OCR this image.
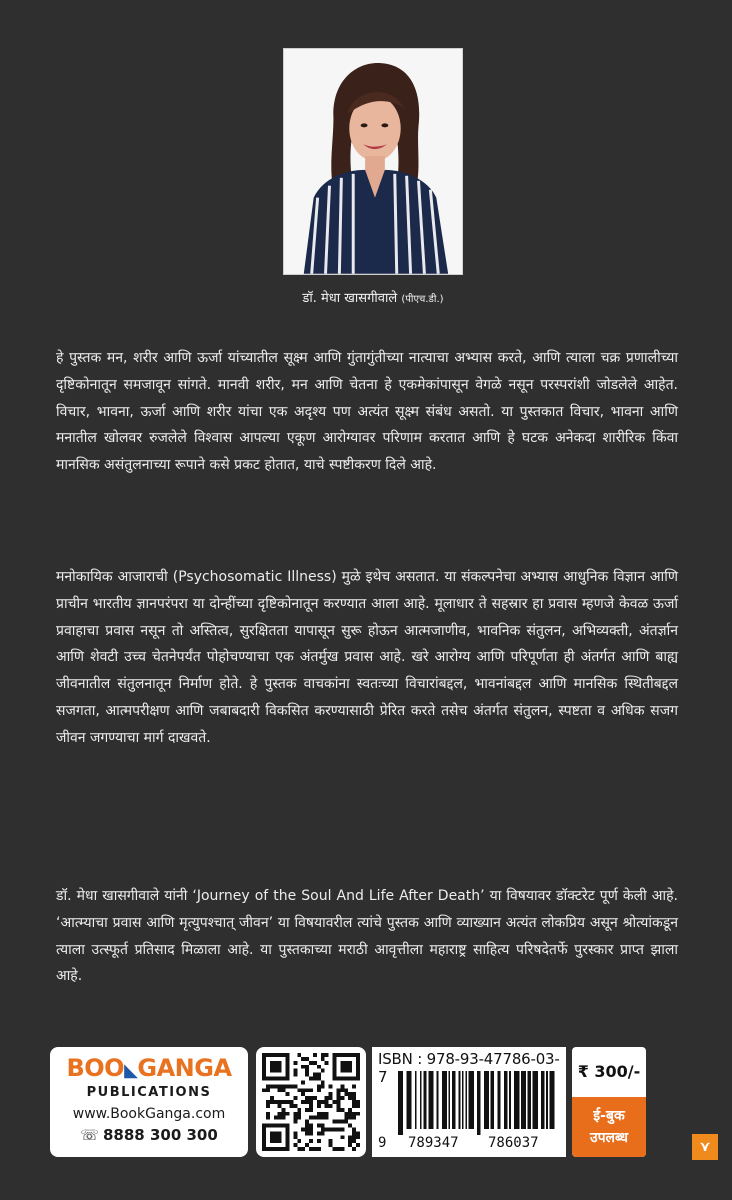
डॉ. मेधा खासगीवाले (पीएच.डी.)

हे पुस्तक मन, शरीर आणि ऊर्जा यांच्यातील सूक्ष्म आणि गुंतागुंतीच्या नात्याचा अभ्यास करते, आणि त्याला चक्र प्रणालीच्या दृष्टिकोनातून समजावून सांगते. मानवी शरीर, मन आणि चेतना हे एकमेकांपासून वेगळे नसून परस्परांशी जोडलेले आहेत. विचार, भावना, ऊर्जा आणि शरीर यांचा एक अदृश्य पण अत्यंत सूक्ष्म संबंध असतो. या पुस्तकात विचार, भावना आणि मनातील खोलवर रुजलेले विश्वास आपल्या एकूण आरोग्यावर परिणाम करतात आणि हे घटक अनेकदा शारीरिक किंवा मानसिक असंतुलनाच्या रूपाने कसे प्रकट होतात, याचे स्पष्टीकरण दिले आहे.

मनोकायिक आजाराची (Psychosomatic Illness) मुळे इथेच असतात. या संकल्पनेचा अभ्यास आधुनिक विज्ञान आणि प्राचीन भारतीय ज्ञानपरंपरा या दोन्हींच्या दृष्टिकोनातून करण्यात आला आहे. मूलाधार ते सहस्रार हा प्रवास म्हणजे केवळ ऊर्जा प्रवाहाचा प्रवास नसून तो अस्तित्व, सुरक्षितता यापासून सुरू होऊन आत्मजाणीव, भावनिक संतुलन, अभिव्यक्ती, अंतर्ज्ञान आणि शेवटी उच्च चेतनेपर्यंत पोहोचण्याचा एक अंतर्मुख प्रवास आहे. खरे आरोग्य आणि परिपूर्णता ही अंतर्गत आणि बाह्य जीवनातील संतुलनातून निर्माण होते. हे पुस्तक वाचकांना स्वतःच्या विचारांबद्दल, भावनांबद्दल आणि मानसिक स्थितीबद्दल सजगता, आत्मपरीक्षण आणि जबाबदारी विकसित करण्यासाठी प्रेरित करते तसेच अंतर्गत संतुलन, स्पष्टता व अधिक सजग जीवन जगण्याचा मार्ग दाखवते.

डॉ. मेधा खासगीवाले यांनी ‘Journey of the Soul And Life After Death’ या विषयावर डॉक्टरेट पूर्ण केली आहे. ‘आत्म्याचा प्रवास आणि मृत्युपश्चात् जीवन’ या विषयावरील त्यांचे पुस्तक आणि व्याख्यान अत्यंत लोकप्रिय असून श्रोत्यांकडून त्याला उत्स्फूर्त प्रतिसाद मिळाला आहे. या पुस्तकाच्या मराठी आवृत्तीला महाराष्ट्र साहित्य परिषदेतर्फे पुरस्कार प्राप्त झाला आहे.

BOO◣GANGA
PUBLICATIONS
www.BookGanga.com
☏ 8888 300 300
ISBN : 978-93-47786-03-7
9 789347 786037
₹ 300/-
ई-बुक
उपलब्ध
⋎
